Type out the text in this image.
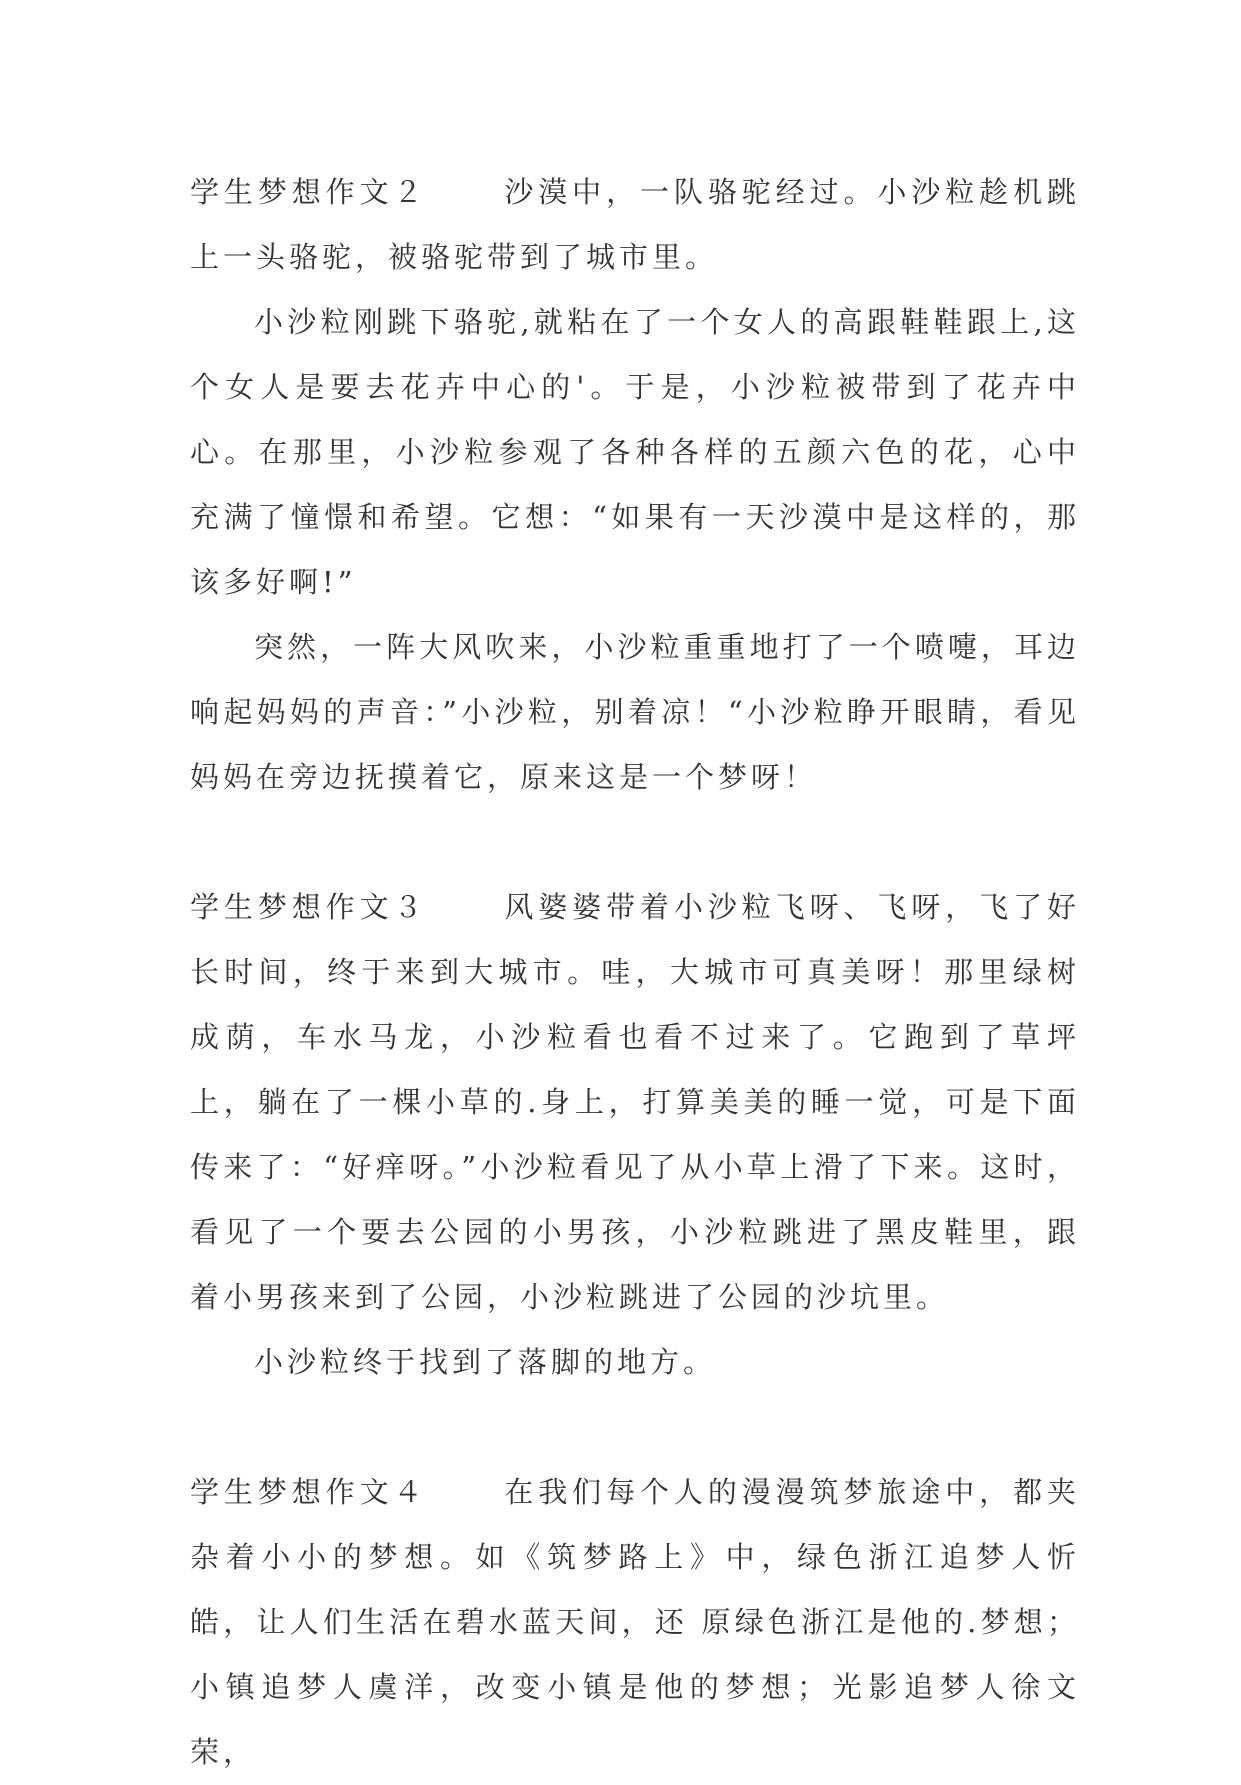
学生梦想作文２	沙漠中，一队骆驼经过。小沙粒趁机跳上一头骆驼，被骆驼带到了城市里。

小沙粒刚跳下骆驼,就粘在了一个女人的高跟鞋鞋跟上,这个女人是要去花卉中心的'。于是，小沙粒被带到了花卉中心。在那里，小沙粒参观了各种各样的五颜六色的花，心中充满了憧憬和希望。它想：“如果有一天沙漠中是这样的，那该多好啊!”

突然，一阵大风吹来，小沙粒重重地打了一个喷嚏，耳边响起妈妈的声音：”小沙粒，别着凉！“小沙粒睁开眼睛，看见妈妈在旁边抚摸着它，原来这是一个梦呀！

学生梦想作文３	风婆婆带着小沙粒飞呀、飞呀，飞了好长时间，终于来到大城市。哇，大城市可真美呀！那里绿树成荫，车水马龙，小沙粒看也看不过来了。它跑到了草坪上，躺在了一棵小草的.身上，打算美美的睡一觉，可是下面传来了：“好痒呀。”小沙粒看见了从小草上滑了下来。这时，看见了一个要去公园的小男孩，小沙粒跳进了黑皮鞋里，跟着小男孩来到了公园，小沙粒跳进了公园的沙坑里。

小沙粒终于找到了落脚的地方。

学生梦想作文４	在我们每个人的漫漫筑梦旅途中，都夹杂着小小的梦想。如《筑梦路上》中，绿色浙江追梦人忻皓，让人们生活在碧水蓝天间，还 原绿色浙江是他的.梦想；小镇追梦人虞洋，改变小镇是他的梦想；光影追梦人徐文荣，
